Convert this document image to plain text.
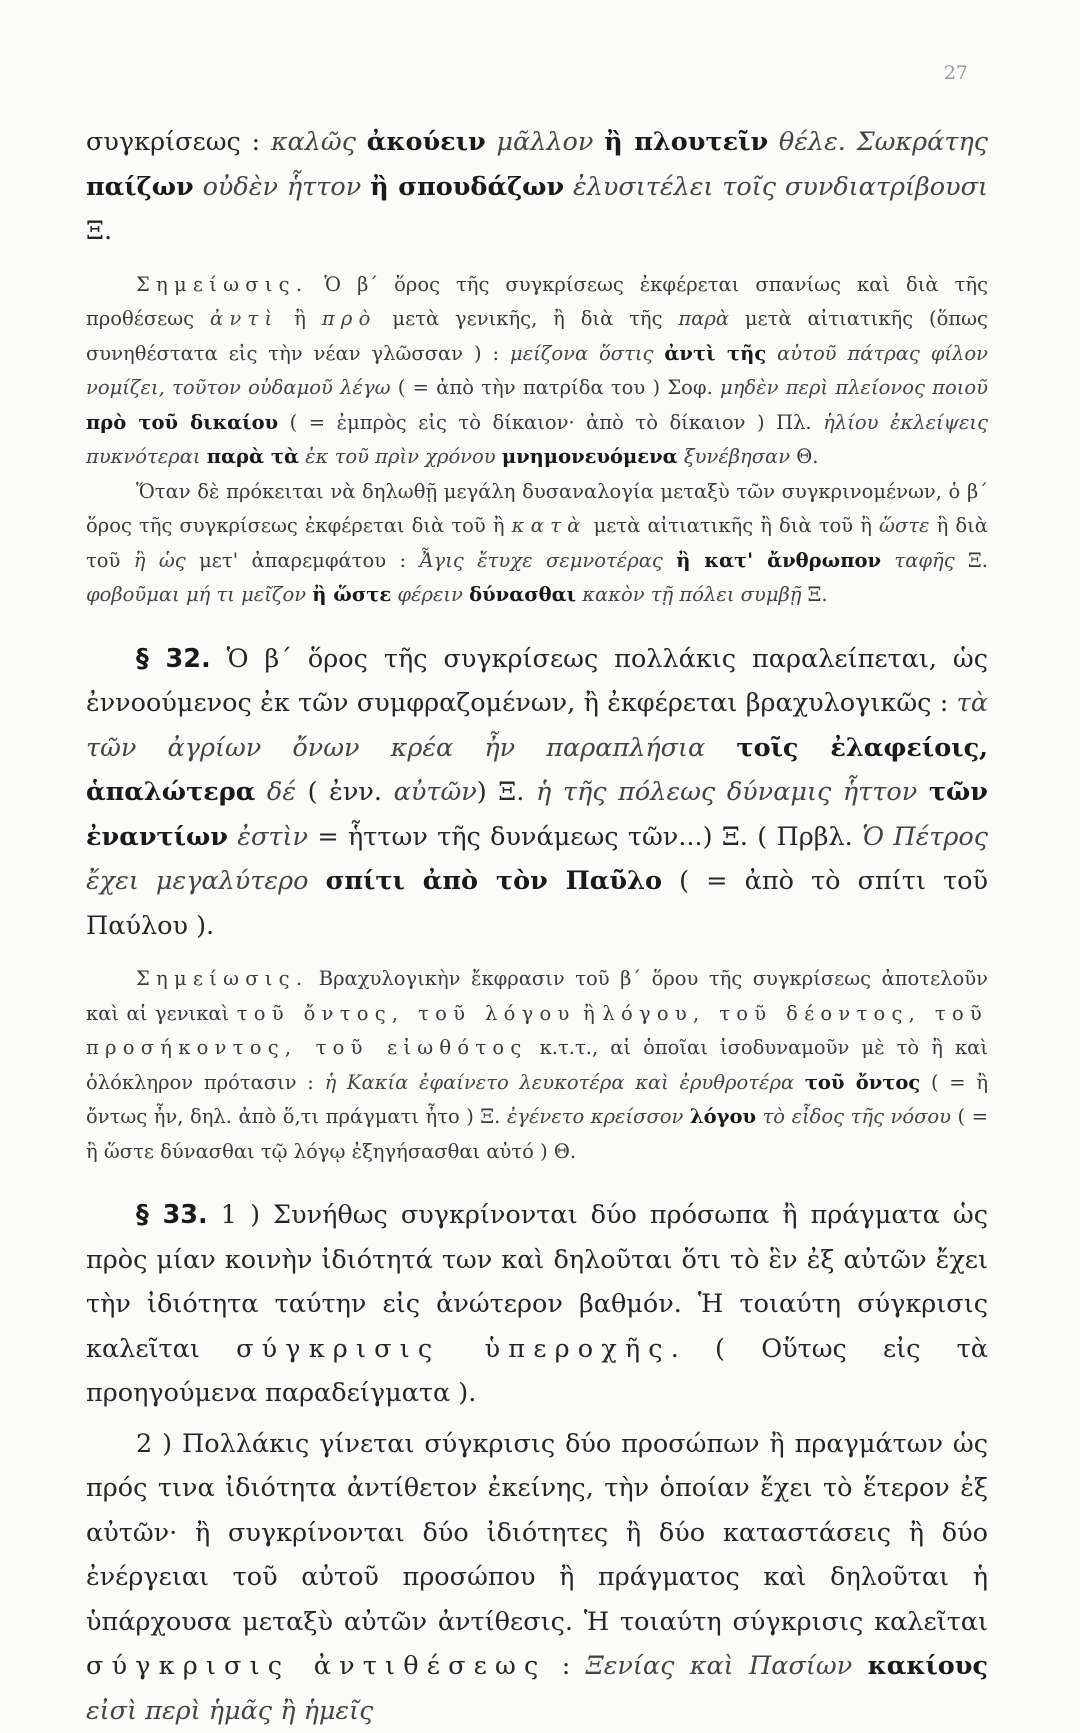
27

συγκρίσεως : καλῶς ἀκούειν μᾶλλον ἢ πλουτεῖν θέλε. Σωκράτης παίζων οὐδὲν ἧττον ἢ σπουδάζων ἐλυσιτέλει τοῖς συνδιατρίβουσι Ξ.

Σημείωσις. Ὁ β΄ ὅρος τῆς συγκρίσεως ἐκφέρεται σπανίως καὶ διὰ τῆς προθέσεως ἀντὶ ἢ πρὸ μετὰ γενικῆς, ἢ διὰ τῆς παρὰ μετὰ αἰτιατικῆς (ὅπως συνηθέστατα εἰς τὴν νέαν γλῶσσαν ) : μείζονα ὅστις ἀντὶ τῆς αὐτοῦ πάτρας φίλον νομίζει, τοῦτον οὐδαμοῦ λέγω ( = ἀπὸ τὴν πατρίδα του ) Σοφ. μηδὲν περὶ πλείονος ποιοῦ πρὸ τοῦ δικαίου ( = ἐμπρὸς εἰς τὸ δίκαιον· ἀπὸ τὸ δίκαιον ) Πλ. ἡλίου ἐκλείψεις πυκνότεραι παρὰ τὰ ἐκ τοῦ πρὶν χρόνου μνημονευόμενα ξυνέβησαν Θ.

Ὅταν δὲ πρόκειται νὰ δηλωθῇ μεγάλη δυσαναλογία μεταξὺ τῶν συγκρινομένων, ὁ β΄ ὅρος τῆς συγκρίσεως ἐκφέρεται διὰ τοῦ ἢ κατὰ μετὰ αἰτιατικῆς ἢ διὰ τοῦ ἢ ὥστε ἢ διὰ τοῦ ἢ ὡς μετ' ἀπαρεμφάτου : Ἆγις ἔτυχε σεμνοτέρας ἢ κατ' ἄνθρωπον ταφῆς Ξ. φοβοῦμαι μή τι μεῖζον ἢ ὥστε φέρειν δύνασθαι κακὸν τῇ πόλει συμβῇ Ξ.

§ 32. Ὁ β΄ ὅρος τῆς συγκρίσεως πολλάκις παραλείπεται, ὡς ἐννοούμενος ἐκ τῶν συμφραζομένων, ἢ ἐκφέρεται βραχυλογικῶς : τὰ τῶν ἀγρίων ὄνων κρέα ἦν παραπλήσια τοῖς ἐλαφείοις, ἁπαλώτερα δέ ( ἐνν. αὐτῶν) Ξ. ἡ τῆς πόλεως δύναμις ἧττον τῶν ἐναντίων ἐστὶν = ἧττων τῆς δυνάμεως τῶν...) Ξ. ( Πρβλ. Ὁ Πέτρος ἔχει μεγαλύτερο σπίτι ἀπὸ τὸν Παῦλο ( = ἀπὸ τὸ σπίτι τοῦ Παύλου ).

Σημείωσις. Βραχυλογικὴν ἔκφρασιν τοῦ β΄ ὅρου τῆς συγκρίσεως ἀποτελοῦν καὶ αἱ γενικαὶ τοῦ ὄντος, τοῦ λόγου ἢ λόγου, τοῦ δέοντος, τοῦ προσήκοντος, τοῦ εἰωθότος κ.τ.τ., αἱ ὁποῖαι ἰσοδυναμοῦν μὲ τὸ ἢ καὶ ὁλόκληρον πρότασιν : ἡ Κακία ἐφαίνετο λευκοτέρα καὶ ἐρυθροτέρα τοῦ ὄντος ( = ἢ ὄντως ἦν, δηλ. ἀπὸ ὅ,τι πράγματι ἦτο ) Ξ. ἐγένετο κρείσσον λόγου τὸ εἶδος τῆς νόσου ( = ἢ ὥστε δύνασθαι τῷ λόγῳ ἐξηγήσασθαι αὐτό ) Θ.

§ 33. 1 ) Συνήθως συγκρίνονται δύο πρόσωπα ἢ πράγματα ὡς πρὸς μίαν κοινὴν ἰδιότητά των καὶ δηλοῦται ὅτι τὸ ἓν ἐξ αὐτῶν ἔχει τὴν ἰδιότητα ταύτην εἰς ἀνώτερον βαθμόν. Ἡ τοιαύτη σύγκρισις καλεῖται σύγκρισις ὑπεροχῆς. ( Οὕτως εἰς τὰ προηγούμενα παραδείγματα ).

2 ) Πολλάκις γίνεται σύγκρισις δύο προσώπων ἢ πραγμάτων ὡς πρός τινα ἰδιότητα ἀντίθετον ἐκείνης, τὴν ὁποίαν ἔχει τὸ ἕτερον ἐξ αὐτῶν· ἢ συγκρίνονται δύο ἰδιότητες ἢ δύο καταστάσεις ἢ δύο ἐνέργειαι τοῦ αὐτοῦ προσώπου ἢ πράγματος καὶ δηλοῦται ἡ ὑπάρχουσα μεταξὺ αὐτῶν ἀντίθεσις. Ἡ τοιαύτη σύγκρισις καλεῖται σύγκρισις ἀντιθέσεως : Ξενίας καὶ Πασίων κακίους εἰσὶ περὶ ἡμᾶς ἢ ἡμεῖς
